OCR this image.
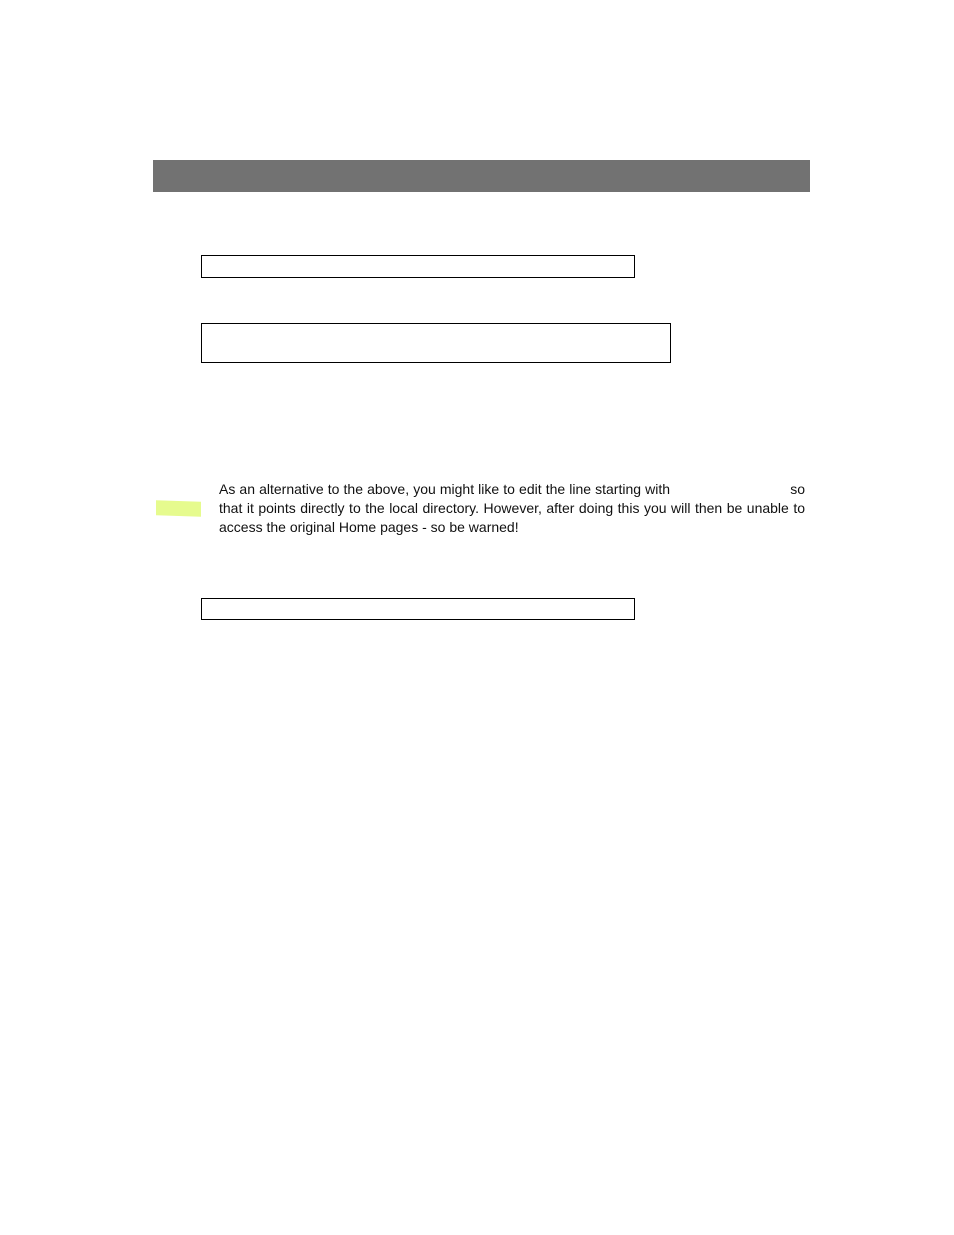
As an alternative to the above, you might like to edit the line starting with	so that it points directly to the local directory. However, after doing this you will then be unable to access the original Home pages - so be warned!
